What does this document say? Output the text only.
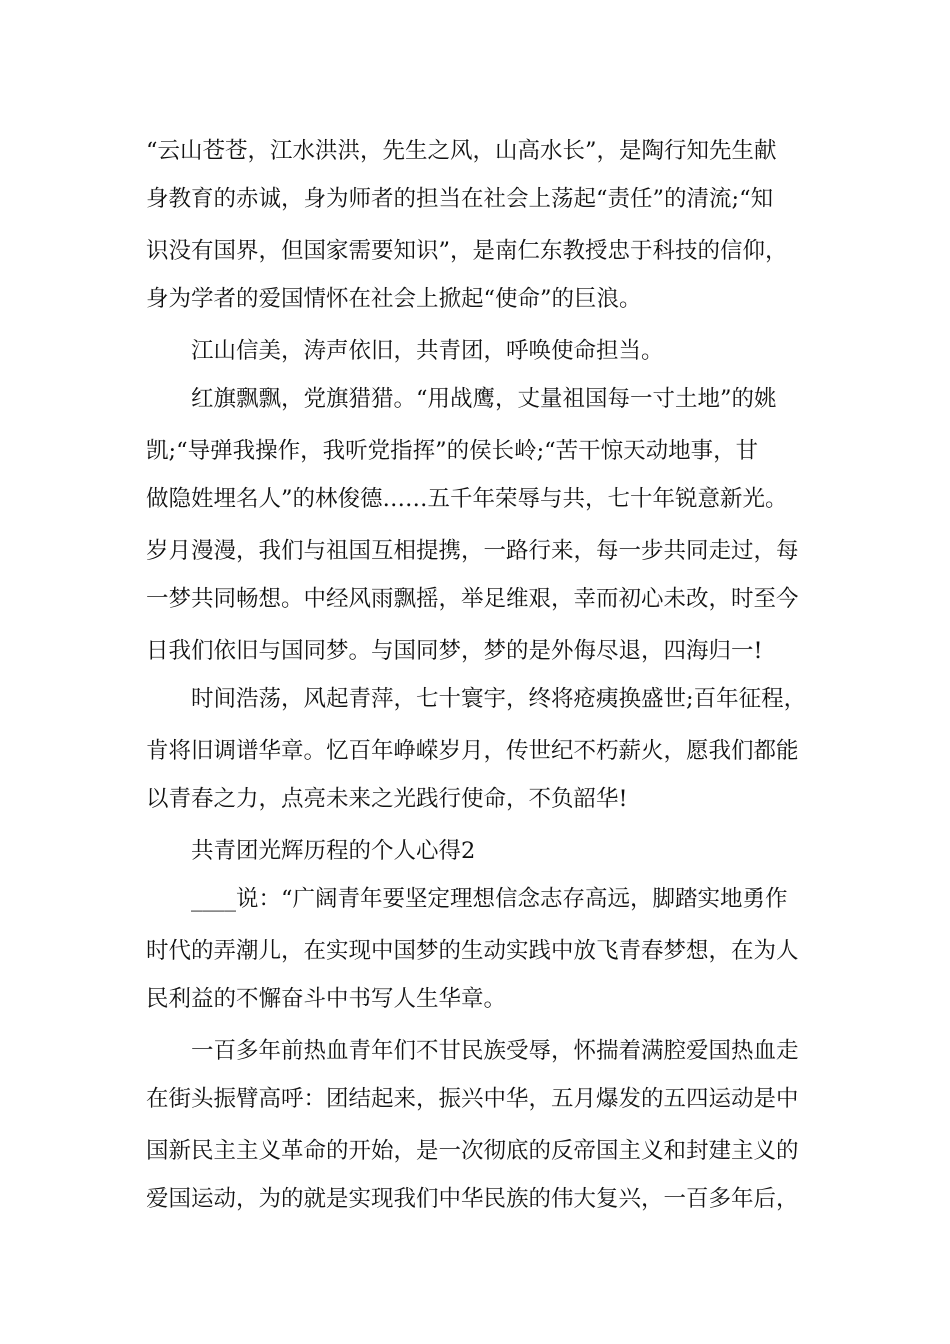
“云山苍苍，江水洪洪，先生之风，山高水长”，是陶行知先生献

身教育的赤诚，身为师者的担当在社会上荡起“责任”的清流;“知

识没有国界，但国家需要知识”，是南仁东教授忠于科技的信仰，

身为学者的爱国情怀在社会上掀起“使命”的巨浪。

江山信美，涛声依旧，共青团，呼唤使命担当。

红旗飘飘，党旗猎猎。“用战鹰，丈量祖国每一寸土地”的姚

凯;“导弹我操作，我听党指挥”的侯长岭;“苦干惊天动地事，甘

做隐姓埋名人”的林俊德……五千年荣辱与共，七十年锐意新光。

岁月漫漫，我们与祖国互相提携，一路行来，每一步共同走过，每

一梦共同畅想。中经风雨飘摇，举足维艰，幸而初心未改，时至今

日我们依旧与国同梦。与国同梦，梦的是外侮尽退，四海归一!

时间浩荡，风起青萍，七十寰宇，终将疮痍换盛世;百年征程，

肯将旧调谱华章。忆百年峥嵘岁月，传世纪不朽薪火，愿我们都能

以青春之力，点亮未来之光践行使命，不负韶华!

共青团光辉历程的个人心得2

____说：“广阔青年要坚定理想信念志存高远，脚踏实地勇作

时代的弄潮儿，在实现中国梦的生动实践中放飞青春梦想，在为人

民利益的不懈奋斗中书写人生华章。

一百多年前热血青年们不甘民族受辱，怀揣着满腔爱国热血走

在街头振臂高呼：团结起来，振兴中华，五月爆发的五四运动是中

国新民主主义革命的开始，是一次彻底的反帝国主义和封建主义的

爱国运动，为的就是实现我们中华民族的伟大复兴，一百多年后，
